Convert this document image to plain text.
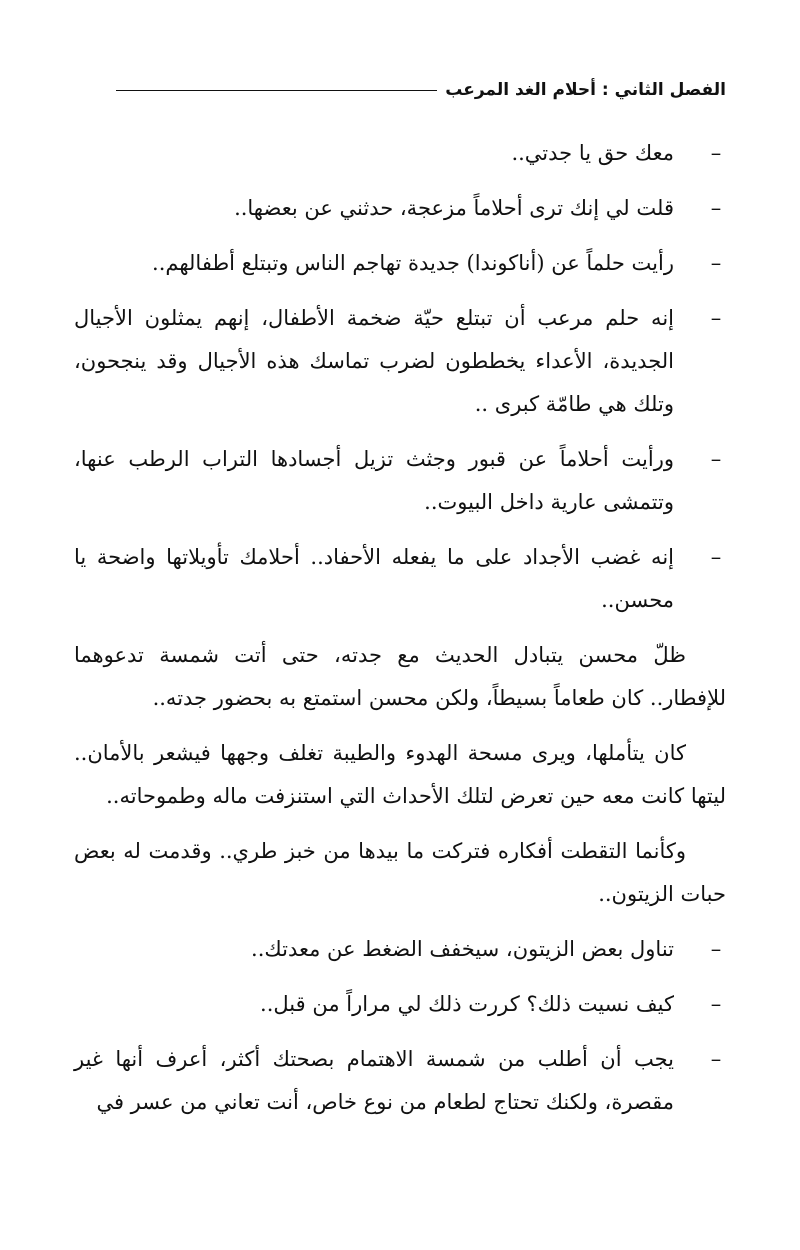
الفصل الثاني : أحلام الغد المرعب

–
معك حق يا جدتي..

–
قلت لي إنك ترى أحلاماً مزعجة، حدثني عن بعضها..

–
رأيت حلماً عن (أناكوندا) جديدة تهاجم الناس وتبتلع أطفالهم..

–
إنه حلم مرعب أن تبتلع حيّة ضخمة الأطفال، إنهم يمثلون الأجيال الجديدة، الأعداء يخططون لضرب تماسك هذه الأجيال وقد ينجحون، وتلك هي طامّة كبرى ..

–
ورأيت أحلاماً عن قبور وجثث تزيل أجسادها التراب الرطب عنها، وتتمشى عارية داخل البيوت..

–
إنه غضب الأجداد على ما يفعله الأحفاد.. أحلامك تأويلاتها واضحة يا محسن..

ظلّ محسن يتبادل الحديث مع جدته، حتى أتت شمسة تدعوهما للإفطار.. كان طعاماً بسيطاً، ولكن محسن استمتع به بحضور جدته..

كان يتأملها، ويرى مسحة الهدوء والطيبة تغلف وجهها فيشعر بالأمان.. ليتها كانت معه حين تعرض لتلك الأحداث التي استنزفت ماله وطموحاته..

وكأنما التقطت أفكاره فتركت ما بيدها من خبز طري.. وقدمت له بعض حبات الزيتون..

–
تناول بعض الزيتون، سيخفف الضغط عن معدتك..

–
كيف نسيت ذلك؟ كررت ذلك لي مراراً من قبل..

–
يجب أن أطلب من شمسة الاهتمام بصحتك أكثر، أعرف أنها غير مقصرة، ولكنك تحتاج لطعام من نوع خاص، أنت تعاني من عسر في
